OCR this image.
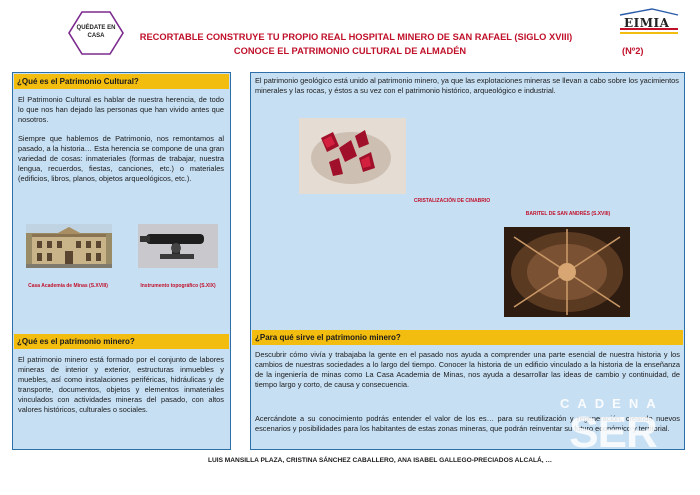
QUÉDATE EN CASA	RECORTABLE CONSTRUYE TU PROPIO REAL HOSPITAL MINERO DE SAN RAFAEL (SIGLO XVIII)
CONOCE EL PATRIMONIO CULTURAL DE ALMADÉN	(Nº2)
EIMIA
¿Qué es el Patrimonio Cultural?
El Patrimonio Cultural es hablar de nuestra herencia, de todo lo que nos han dejado las personas que han vivido antes que nosotros.
Siempre que hablemos de Patrimonio, nos remontamos al pasado, a la historia… Esta herencia se compone de una gran variedad de cosas: inmateriales (formas de trabajar, nuestra lengua, recuerdos, fiestas, canciones, etc.) o materiales (edificios, libros, planos, objetos arqueológicos, etc.).
Casa Academia de Minas (S.XVIII)	Instrumento topográfico (S.XIX)
¿Qué es el patrimonio minero?
El patrimonio minero está formado por el conjunto de labores mineras de interior y exterior, estructuras inmuebles y muebles, así como instalaciones periféricas, hidráulicas y de transporte, documentos, objetos y elementos inmateriales vinculados con actividades mineras del pasado, con altos valores históricos, culturales o sociales.
El patrimonio geológico está unido al patrimonio minero, ya que las explotaciones mineras se llevan a cabo sobre los yacimientos minerales y las rocas, y éstos a su vez con el patrimonio histórico, arqueológico e industrial.
CRISTALIZACIÓN DE CINABRIO
BARITEL DE SAN ANDRÉS (S.XVIII)
¿Para qué sirve el patrimonio minero?
Descubrir cómo vivía y trabajaba la gente en el pasado nos ayuda a comprender una parte esencial de nuestra historia y los cambios de nuestras sociedades a lo largo del tiempo. Conocer la historia de un edificio vinculado a la historia de la enseñanza de la ingeniería de minas como La Casa Academia de Minas, nos ayuda a desarrollar las ideas de cambio y continuidad, de tiempo largo y corto, de causa y consecuencia.
Acercándote a su conocimiento podrás entender el valor de los es… para su reutilización y regeneración, creando nuevos escenarios y posibilidades para los habitantes de estas zonas mineras, que podrán reinventar su futuro económico y territorial.
LUIS MANSILLA PLAZA, CRISTINA SÁNCHEZ CABALLERO, ANA ISABEL GALLEGO-PRECIADOS ALCALÁ, …
CADENA
SER
Almadén
